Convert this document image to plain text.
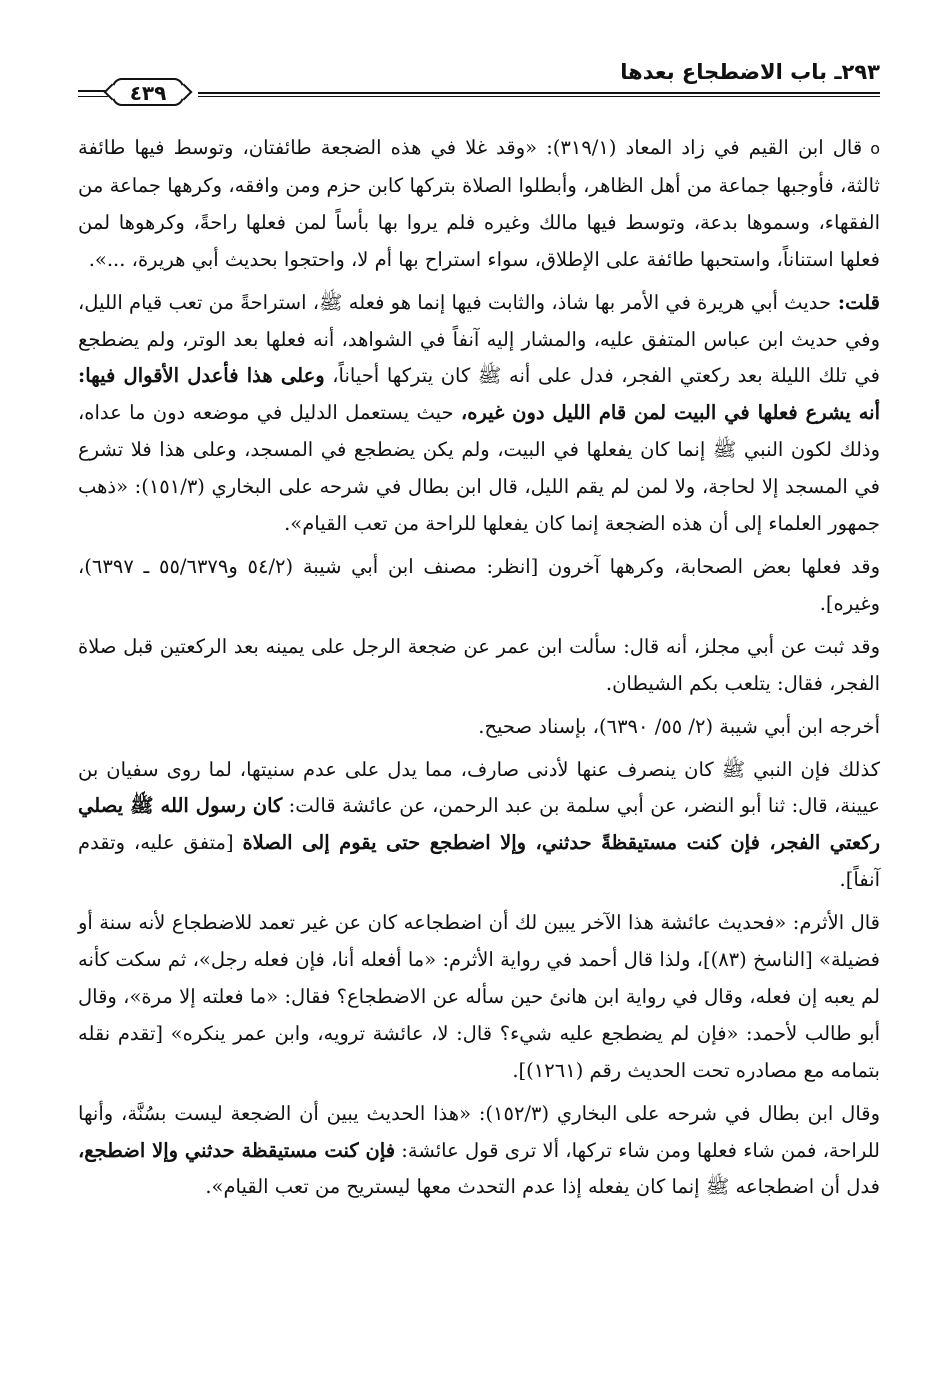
٢٩٣ـ باب الاضطجاع بعدها
٤٣٩

oقال ابن القيم في زاد المعاد (٣١٩/١): «وقد غلا في هذه الضجعة طائفتان، وتوسط فيها طائفة ثالثة، فأوجبها جماعة من أهل الظاهر، وأبطلوا الصلاة بتركها كابن حزم ومن وافقه، وكرهها جماعة من الفقهاء، وسموها بدعة، وتوسط فيها مالك وغيره فلم يروا بها بأساً لمن فعلها راحةً، وكرهوها لمن فعلها استناناً، واستحبها طائفة على الإطلاق، سواء استراح بها أم لا، واحتجوا بحديث أبي هريرة، ...».

قلت: حديث أبي هريرة في الأمر بها شاذ، والثابت فيها إنما هو فعله ﷺ، استراحةً من تعب قيام الليل، وفي حديث ابن عباس المتفق عليه، والمشار إليه آنفاً في الشواهد، أنه فعلها بعد الوتر، ولم يضطجع في تلك الليلة بعد ركعتي الفجر، فدل على أنه ﷺ كان يتركها أحياناً، وعلى هذا فأعدل الأقوال فيها: أنه يشرع فعلها في البيت لمن قام الليل دون غيره، حيث يستعمل الدليل في موضعه دون ما عداه، وذلك لكون النبي ﷺ إنما كان يفعلها في البيت، ولم يكن يضطجع في المسجد، وعلى هذا فلا تشرع في المسجد إلا لحاجة، ولا لمن لم يقم الليل، قال ابن بطال في شرحه على البخاري (١٥١/٣): «ذهب جمهور العلماء إلى أن هذه الضجعة إنما كان يفعلها للراحة من تعب القيام».

وقد فعلها بعض الصحابة، وكرهها آخرون [انظر: مصنف ابن أبي شيبة (٥٤/٢ و٥٥/٦٣٧٩ ـ ٦٣٩٧)، وغيره].

وقد ثبت عن أبي مجلز، أنه قال: سألت ابن عمر عن ضجعة الرجل على يمينه بعد الركعتين قبل صلاة الفجر، فقال: يتلعب بكم الشيطان.

أخرجه ابن أبي شيبة (٢/ ٥٥/ ٦٣٩٠)، بإسناد صحيح.

كذلك فإن النبي ﷺ كان ينصرف عنها لأدنى صارف، مما يدل على عدم سنيتها، لما روى سفيان بن عيينة، قال: ثنا أبو النضر، عن أبي سلمة بن عبد الرحمن، عن عائشة قالت: كان رسول الله ﷺ يصلي ركعتي الفجر، فإن كنت مستيقظةً حدثني، وإلا اضطجع حتى يقوم إلى الصلاة [متفق عليه، وتقدم آنفاً].

قال الأثرم: «فحديث عائشة هذا الآخر يبين لك أن اضطجاعه كان عن غير تعمد للاضطجاع لأنه سنة أو فضيلة» [الناسخ (٨٣)]، ولذا قال أحمد في رواية الأثرم: «ما أفعله أنا، فإن فعله رجل»، ثم سكت كأنه لم يعبه إن فعله، وقال في رواية ابن هانئ حين سأله عن الاضطجاع؟ فقال: «ما فعلته إلا مرة»، وقال أبو طالب لأحمد: «فإن لم يضطجع عليه شيء؟ قال: لا، عائشة ترويه، وابن عمر ينكره» [تقدم نقله بتمامه مع مصادره تحت الحديث رقم (١٢٦١)].

وقال ابن بطال في شرحه على البخاري (١٥٢/٣): «هذا الحديث يبين أن الضجعة ليست بسُنَّة، وأنها للراحة، فمن شاء فعلها ومن شاء تركها، ألا ترى قول عائشة: فإن كنت مستيقظة حدثني وإلا اضطجع، فدل أن اضطجاعه ﷺ إنما كان يفعله إذا عدم التحدث معها ليستريح من تعب القيام».
